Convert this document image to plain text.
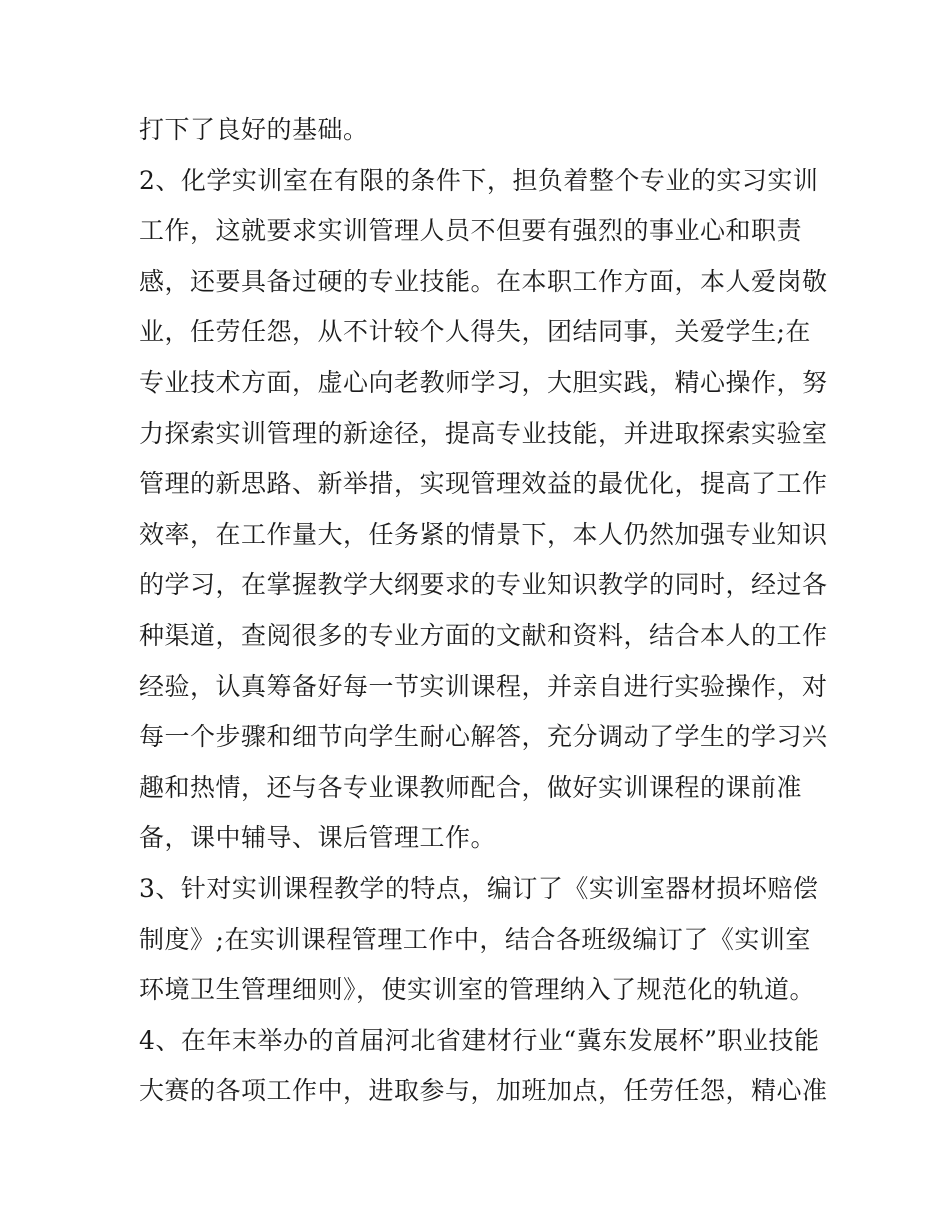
打下了良好的基础。
2、化学实训室在有限的条件下，担负着整个专业的实习实训
工作，这就要求实训管理人员不但要有强烈的事业心和职责
感，还要具备过硬的专业技能。在本职工作方面，本人爱岗敬
业，任劳任怨，从不计较个人得失，团结同事，关爱学生;在
专业技术方面，虚心向老教师学习，大胆实践，精心操作，努
力探索实训管理的新途径，提高专业技能，并进取探索实验室
管理的新思路、新举措，实现管理效益的最优化，提高了工作
效率，在工作量大，任务紧的情景下，本人仍然加强专业知识
的学习，在掌握教学大纲要求的专业知识教学的同时，经过各
种渠道，查阅很多的专业方面的文献和资料，结合本人的工作
经验，认真筹备好每一节实训课程，并亲自进行实验操作，对
每一个步骤和细节向学生耐心解答，充分调动了学生的学习兴
趣和热情，还与各专业课教师配合，做好实训课程的课前准
备，课中辅导、课后管理工作。
3、针对实训课程教学的特点，编订了《实训室器材损坏赔偿
制度》;在实训课程管理工作中，结合各班级编订了《实训室
环境卫生管理细则》，使实训室的管理纳入了规范化的轨道。
4、在年末举办的首届河北省建材行业“冀东发展杯”职业技能
大赛的各项工作中，进取参与，加班加点，任劳任怨，精心准
